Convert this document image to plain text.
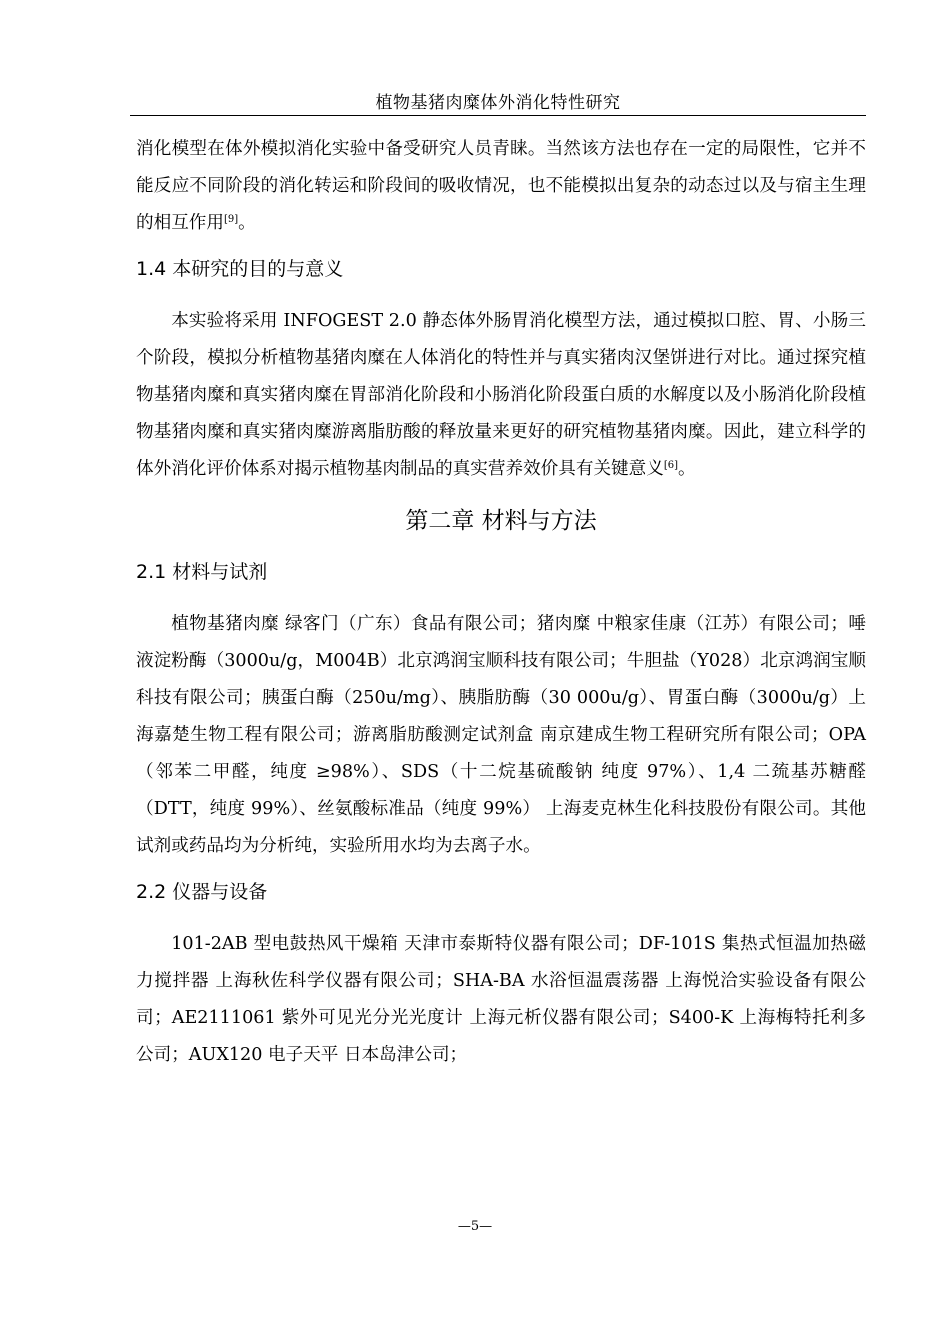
植物基猪肉糜体外消化特性研究

消化模型在体外模拟消化实验中备受研究人员青睐。当然该方法也存在一定的局限性，它并不能反应不同阶段的消化转运和阶段间的吸收情况，也不能模拟出复杂的动态过以及与宿主生理的相互作用[9]。

1.4 本研究的目的与意义

本实验将采用 INFOGEST 2.0 静态体外肠胃消化模型方法，通过模拟口腔、胃、小肠三个阶段，模拟分析植物基猪肉糜在人体消化的特性并与真实猪肉汉堡饼进行对比。通过探究植物基猪肉糜和真实猪肉糜在胃部消化阶段和小肠消化阶段蛋白质的水解度以及小肠消化阶段植物基猪肉糜和真实猪肉糜游离脂肪酸的释放量来更好的研究植物基猪肉糜。因此，建立科学的体外消化评价体系对揭示植物基肉制品的真实营养效价具有关键意义[6]。

第二章 材料与方法
2.1 材料与试剂

植物基猪肉糜 绿客门（广东）食品有限公司；猪肉糜 中粮家佳康（江苏）有限公司；唾液淀粉酶（3000u/g，M004B）北京鸿润宝顺科技有限公司；牛胆盐（Y028）北京鸿润宝顺科技有限公司；胰蛋白酶（250u/mg）、胰脂肪酶（30 000u/g）、胃蛋白酶（3000u/g）上海嘉楚生物工程有限公司；游离脂肪酸测定试剂盒 南京建成生物工程研究所有限公司；OPA（邻苯二甲醛，纯度 ≥98%）、SDS（十二烷基硫酸钠 纯度 97%）、1,4 二巯基苏糖醛（DTT，纯度 99%）、丝氨酸标准品（纯度 99%） 上海麦克林生化科技股份有限公司。其他试剂或药品均为分析纯，实验所用水均为去离子水。

2.2 仪器与设备

101-2AB 型电鼓热风干燥箱 天津市泰斯特仪器有限公司；DF-101S 集热式恒温加热磁力搅拌器 上海秋佐科学仪器有限公司；SHA-BA 水浴恒温震荡器 上海悦洽实验设备有限公司；AE2111061 紫外可见光分光光度计 上海元析仪器有限公司；S400-K 上海梅特托利多公司；AUX120 电子天平 日本岛津公司；

—5—
